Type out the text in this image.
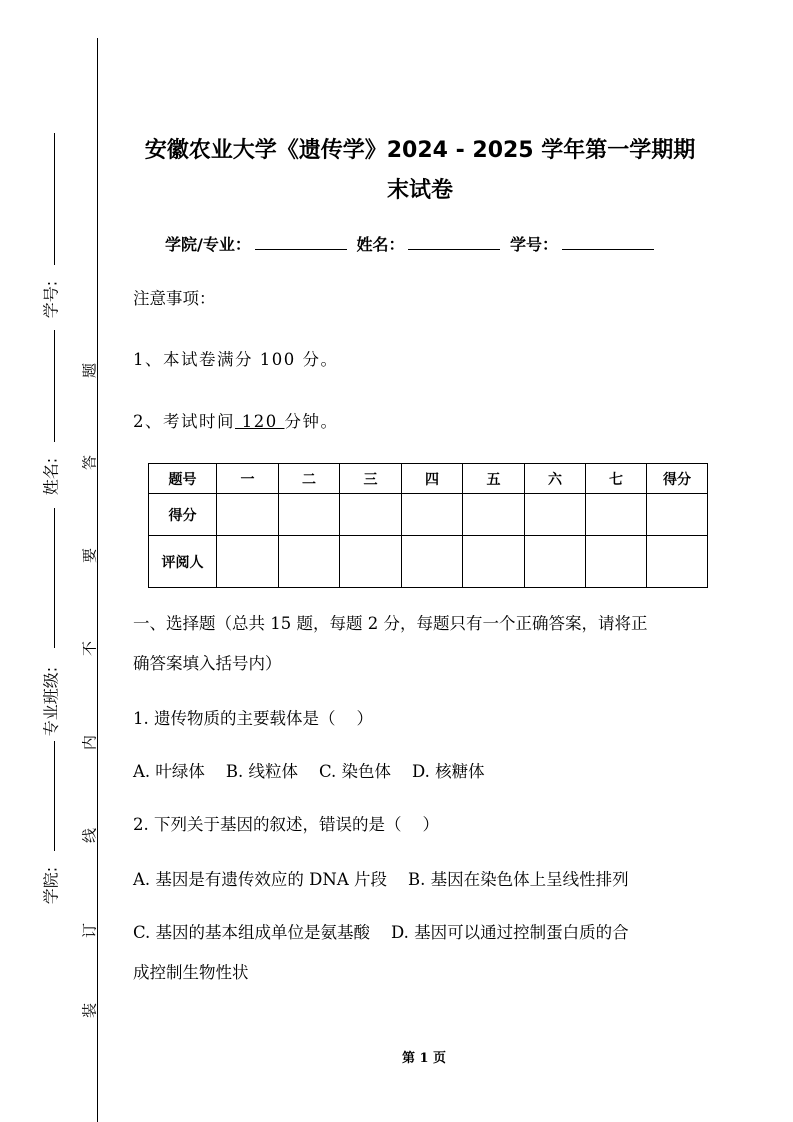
学号:
姓名:
专业班级:
学院:
题
答
要
不
内
线
订
装
安徽农业大学《遗传学》2024 - 2025 学年第一学期期
末试卷
学院/专业：	姓名：	学号：
注意事项：
1、本试卷满分 100 分。
2、考试时间 120 分钟。
题号	一	二	三	四	五	六	七	得分
得分								
评阅人								
一、选择题（总共 15 题，每题 2 分，每题只有一个正确答案，请将正
确答案填入括号内）
1. 遗传物质的主要载体是（    ）
A. 叶绿体    B. 线粒体    C. 染色体    D. 核糖体
2. 下列关于基因的叙述，错误的是（    ）
A. 基因是有遗传效应的 DNA 片段    B. 基因在染色体上呈线性排列
C. 基因的基本组成单位是氨基酸    D. 基因可以通过控制蛋白质的合
成控制生物性状
第 1 页
